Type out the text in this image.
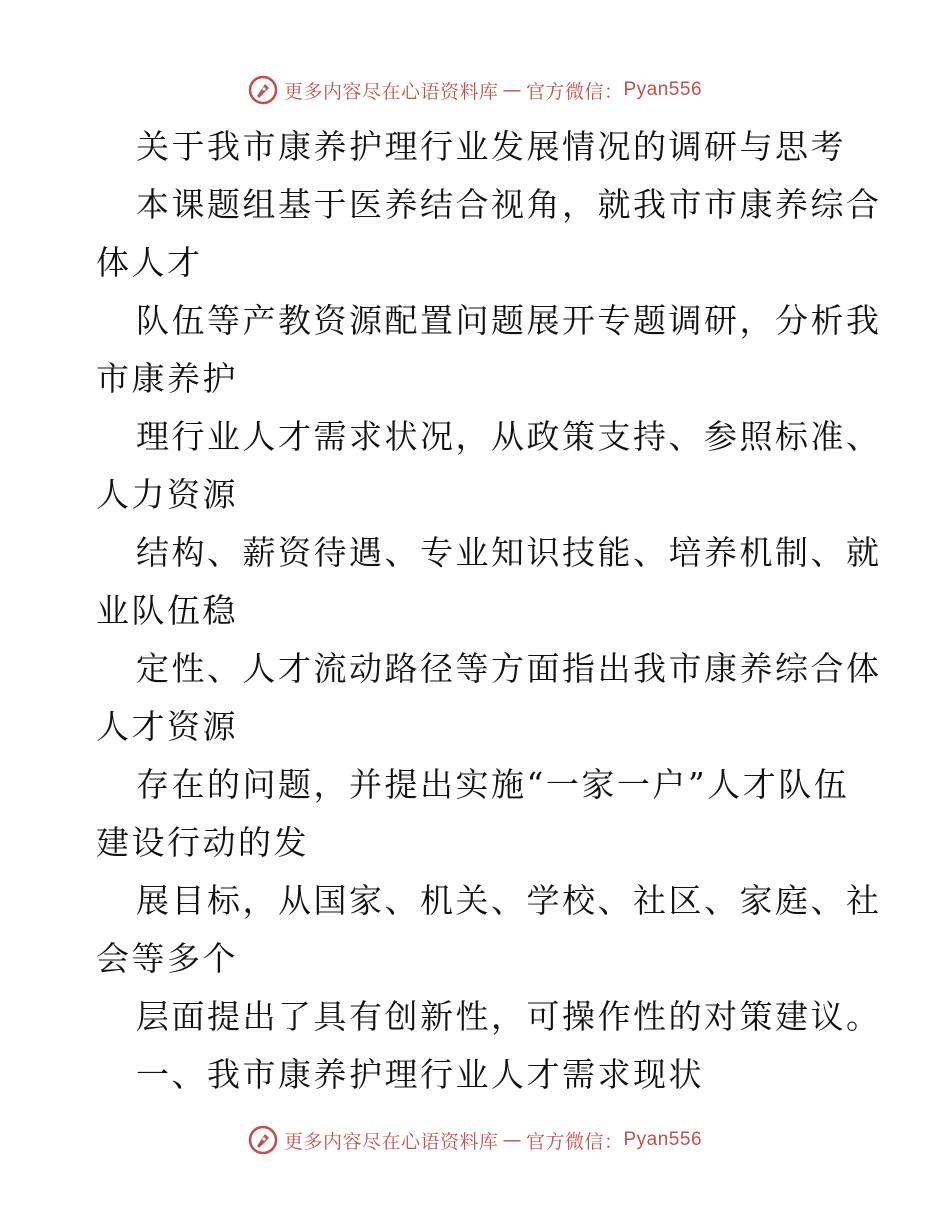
更多内容尽在心语资料库 — 官方微信： Pyan556
关于我市康养护理行业发展情况的调研与思考
本课题组基于医养结合视角，就我市市康养综合
体人才
队伍等产教资源配置问题展开专题调研，分析我
市康养护
理行业人才需求状况，从政策支持、参照标准、
人力资源
结构、薪资待遇、专业知识技能、培养机制、就
业队伍稳
定性、人才流动路径等方面指出我市康养综合体
人才资源
存在的问题，并提出实施“一家一户”人才队伍
建设行动的发
展目标，从国家、机关、学校、社区、家庭、社
会等多个
层面提出了具有创新性，可操作性的对策建议。
一、我市康养护理行业人才需求现状
更多内容尽在心语资料库 — 官方微信： Pyan556
